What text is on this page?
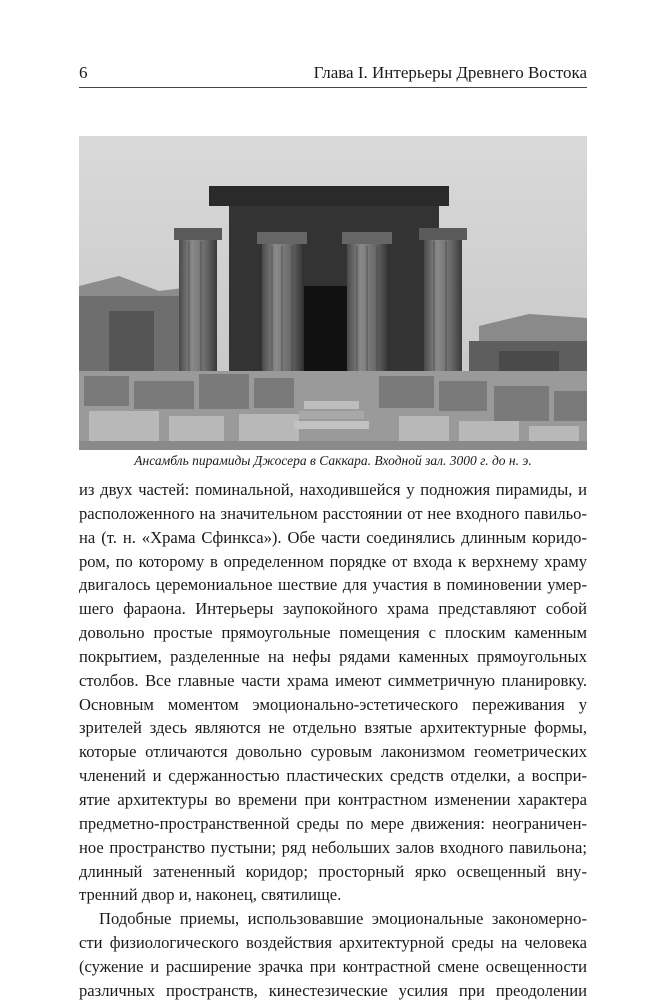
6	Глава I. Интерьеры Древнего Востока
Ансамбль пирамиды Джосера в Саккара. Входной зал. 3000 г. до н. э.
из двух частей: поминальной, находившейся у подножия пирамиды, и
расположенного на значительном расстоянии от нее входного павильо-
на (т. н. «Храма Сфинкса»). Обе части соединялись длинным коридо-
ром, по которому в определенном порядке от входа к верхнему храму
двигалось церемониальное шествие для участия в поминовении умер-
шего фараона. Интерьеры заупокойного храма представляют собой
довольно простые прямоугольные помещения с плоским каменным
покрытием, разделенные на нефы рядами каменных прямоугольных
столбов. Все главные части храма имеют симметричную планировку.
Основным моментом эмоционально-эстетического переживания у
зрителей здесь являются не отдельно взятые архитектурные формы,
которые отличаются довольно суровым лаконизмом геометрических
членений и сдержанностью пластических средств отделки, а воспри-
ятие архитектуры во времени при контрастном изменении характера
предметно-пространственной среды по мере движения: неограничен-
ное пространство пустыни; ряд небольших залов входного павильона;
длинный затененный коридор; просторный ярко освещенный вну-
тренний двор и, наконец, святилище.
Подобные приемы, использовавшие эмоциональные закономерно-
сти физиологического воздействия архитектурной среды на человека
(сужение и расширение зрачка при контрастной смене освещенности
различных пространств, кинестезические усилия при преодолении
